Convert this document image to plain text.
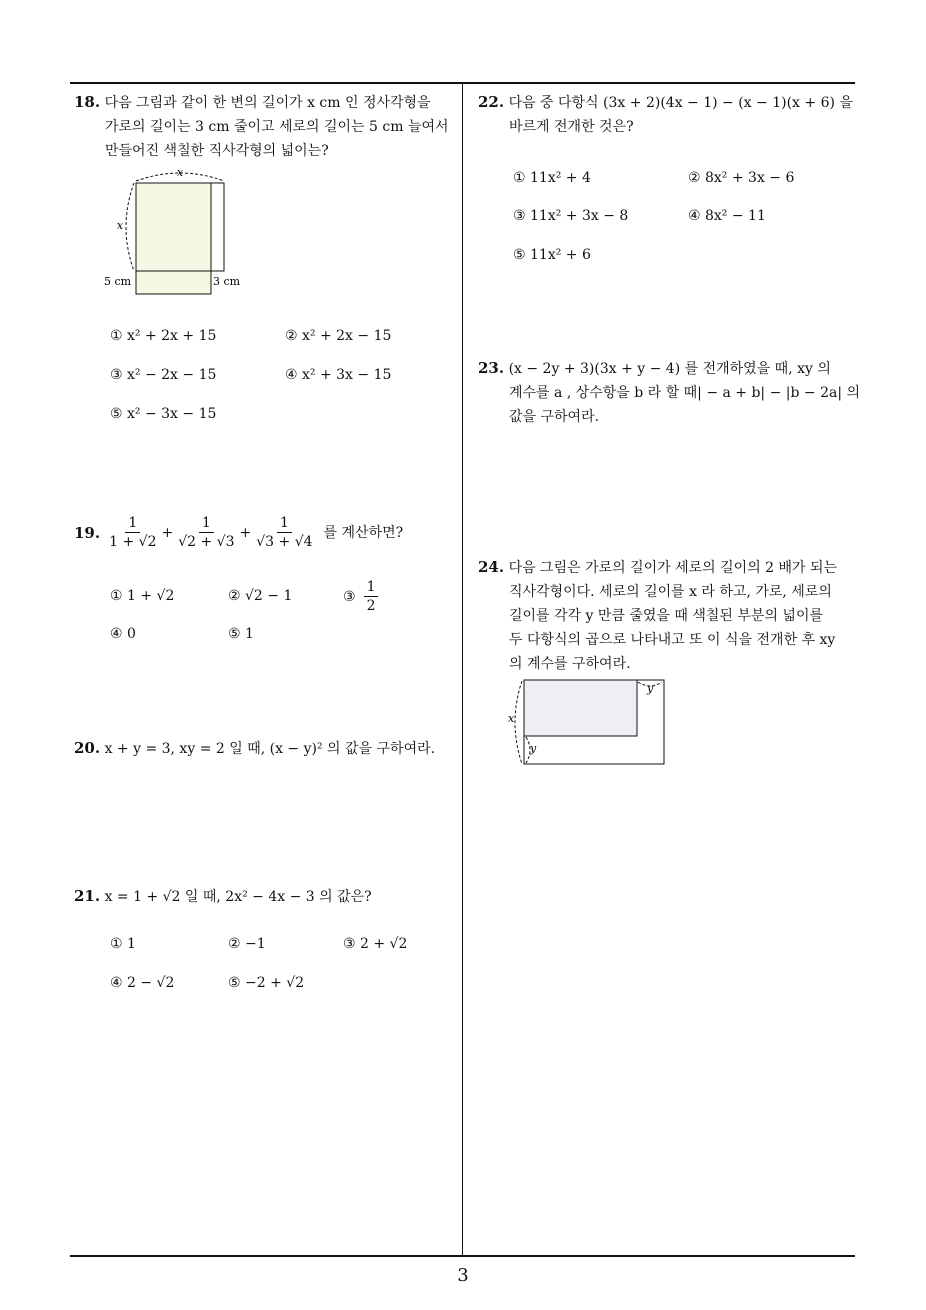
18. 다음 그림과 같이 한 변의 길이가 x cm 인 정사각형을
가로의 길이는 3 cm 줄이고 세로의 길이는 5 cm 늘여서
만들어진 색칠한 직사각형의 넓이는?
x
x
5 cm	3 cm
① x² + 2x + 15	② x² + 2x − 15
③ x² − 2x − 15	④ x² + 3x − 15
⑤ x² − 3x − 15
19. $\frac{1}{1 + √2} + \frac{1}{√2 + √3} + \frac{1}{√3 + √4}$ 를 계산하면?
① 1 + √2	② √2 − 1	③ $\frac{1}{2}$
④ 0	⑤ 1
20. x + y = 3, xy = 2 일 때, (x − y)² 의 값을 구하여라.
21. x = 1 + √2 일 때, 2x² − 4x − 3 의 값은?
① 1	② −1	③ 2 + √2
④ 2 − √2	⑤ −2 + √2
22. 다음 중 다항식 (3x + 2)(4x − 1) − (x − 1)(x + 6) 을
바르게 전개한 것은?
① 11x² + 4	② 8x² + 3x − 6
③ 11x² + 3x − 8	④ 8x² − 11
⑤ 11x² + 6
23. (x − 2y + 3)(3x + y − 4) 를 전개하였을 때, xy 의
계수를 a , 상수항을 b 라 할 때| − a + b| − |b − 2a| 의
값을 구하여라.
24. 다음 그림은 가로의 길이가 세로의 길이의 2 배가 되는
직사각형이다. 세로의 길이를 x 라 하고, 가로, 세로의
길이를 각각 y 만큼 줄였을 때 색칠된 부분의 넓이를
두 다항식의 곱으로 나타내고 또 이 식을 전개한 후 xy
의 계수를 구하여라.
x
y
y
3
